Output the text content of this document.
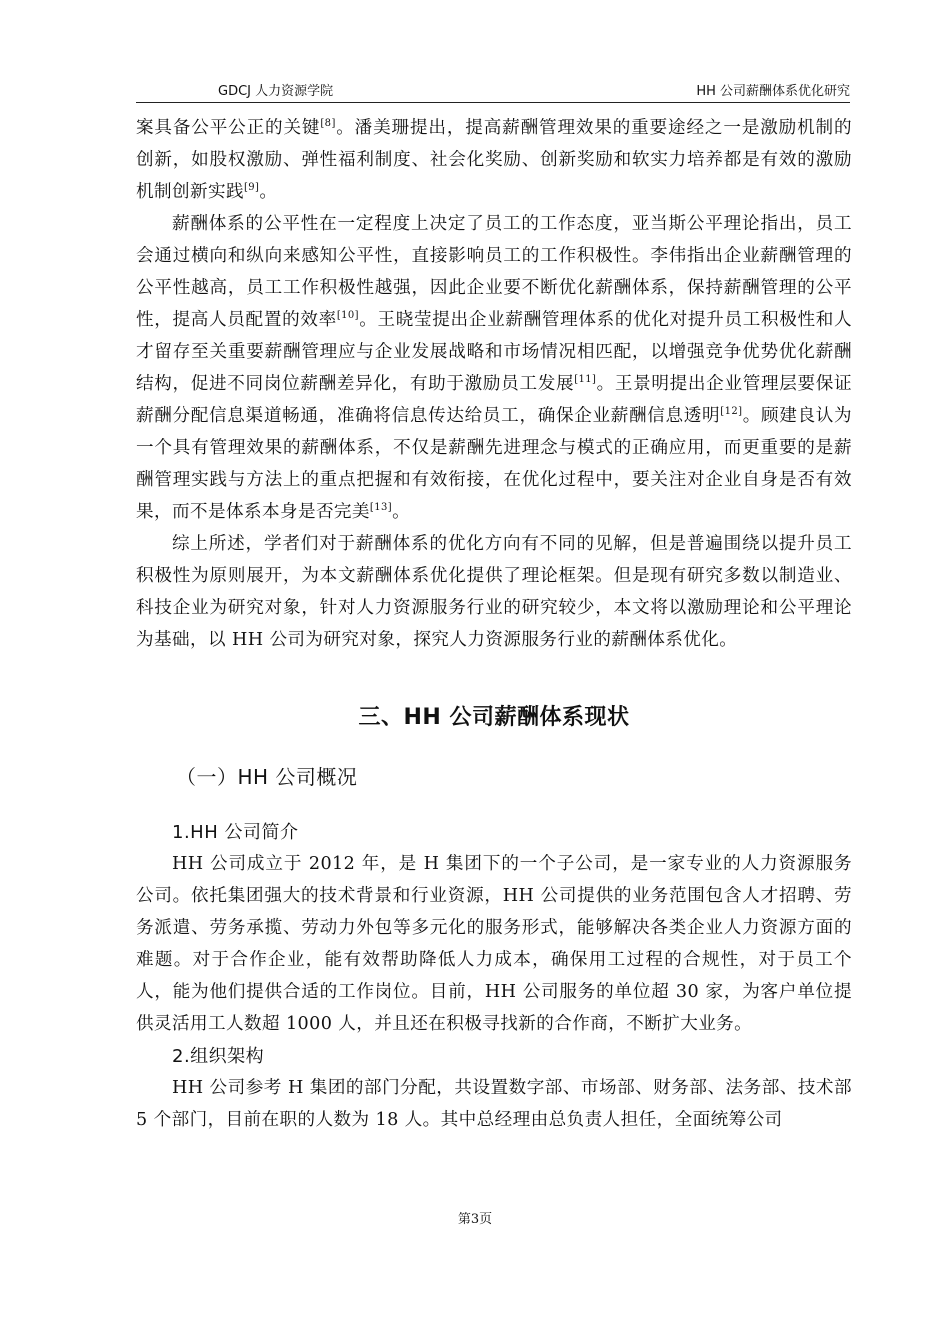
GDCJ 人力资源学院	HH 公司薪酬体系优化研究

案具备公平公正的关键[8]。潘美珊提出，提高薪酬管理效果的重要途经之一是激励机制的创新，如股权激励、弹性福利制度、社会化奖励、创新奖励和软实力培养都是有效的激励机制创新实践[9]。

薪酬体系的公平性在一定程度上决定了员工的工作态度，亚当斯公平理论指出，员工会通过横向和纵向来感知公平性，直接影响员工的工作积极性。李伟指出企业薪酬管理的公平性越高，员工工作积极性越强，因此企业要不断优化薪酬体系，保持薪酬管理的公平性，提高人员配置的效率[10]。王晓莹提出企业薪酬管理体系的优化对提升员工积极性和人才留存至关重要薪酬管理应与企业发展战略和市场情况相匹配，以增强竞争优势优化薪酬结构，促进不同岗位薪酬差异化，有助于激励员工发展[11]。王景明提出企业管理层要保证薪酬分配信息渠道畅通，准确将信息传达给员工，确保企业薪酬信息透明[12]。顾建良认为一个具有管理效果的薪酬体系，不仅是薪酬先进理念与模式的正确应用，而更重要的是薪酬管理实践与方法上的重点把握和有效衔接，在优化过程中，要关注对企业自身是否有效果，而不是体系本身是否完美[13]。

综上所述，学者们对于薪酬体系的优化方向有不同的见解，但是普遍围绕以提升员工积极性为原则展开，为本文薪酬体系优化提供了理论框架。但是现有研究多数以制造业、科技企业为研究对象，针对人力资源服务行业的研究较少，本文将以激励理论和公平理论为基础，以 HH 公司为研究对象，探究人力资源服务行业的薪酬体系优化。

三、HH 公司薪酬体系现状
（一）HH 公司概况
1.HH 公司简介

HH 公司成立于 2012 年，是 H 集团下的一个子公司，是一家专业的人力资源服务公司。依托集团强大的技术背景和行业资源，HH 公司提供的业务范围包含人才招聘、劳务派遣、劳务承揽、劳动力外包等多元化的服务形式，能够解决各类企业人力资源方面的难题。对于合作企业，能有效帮助降低人力成本，确保用工过程的合规性，对于员工个人，能为他们提供合适的工作岗位。目前，HH 公司服务的单位超 30 家，为客户单位提供灵活用工人数超 1000 人，并且还在积极寻找新的合作商，不断扩大业务。

2.组织架构

HH 公司参考 H 集团的部门分配，共设置数字部、市场部、财务部、法务部、技术部 5 个部门，目前在职的人数为 18 人。其中总经理由总负责人担任，全面统筹公司

第3页
